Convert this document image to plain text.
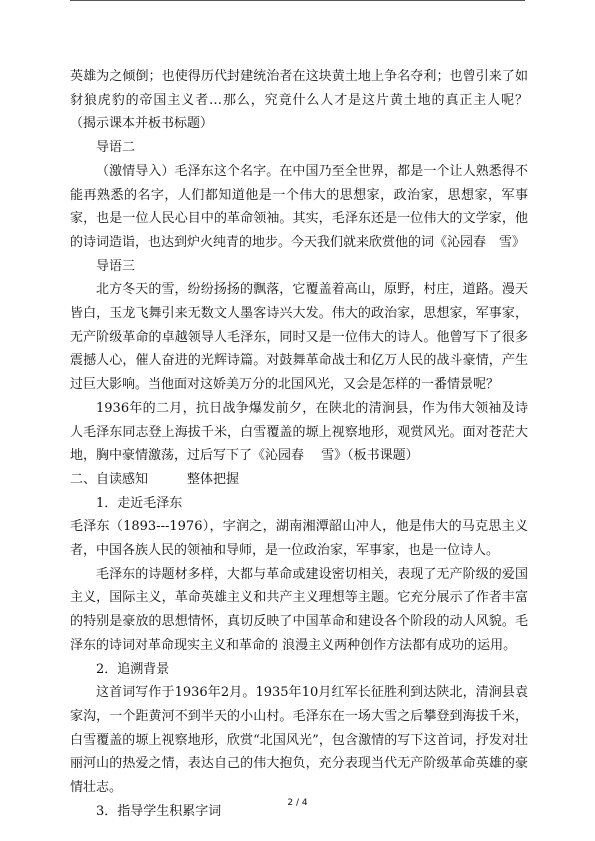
英雄为之倾倒；也使得历代封建统治者在这块黄土地上争名夺利；也曾引来了如豺狼虎豹的帝国主义者…那么，究竟什么人才是这片黄土地的真正主人呢？　　（揭示课本并板书标题）

导语二

（激情导入）毛泽东这个名字。在中国乃至全世界，都是一个让人熟悉得不能再熟悉的名字，人们都知道他是一个伟大的思想家，政治家，思想家，军事家，也是一位人民心目中的革命领袖。其实，毛泽东还是一位伟大的文学家，他的诗词造诣，也达到炉火纯青的地步。今天我们就来欣赏他的词《沁园春　雪》

导语三

北方冬天的雪，纷纷扬扬的飘落，它覆盖着高山，原野，村庄，道路。漫天皆白，玉龙飞舞引来无数文人墨客诗兴大发。伟大的政治家，思想家，军事家，无产阶级革命的卓越领导人毛泽东，同时又是一位伟大的诗人。他曾写下了很多震撼人心，催人奋进的光辉诗篇。对鼓舞革命战士和亿万人民的战斗豪情，产生过巨大影响。当他面对这娇美万分的北国风光，又会是怎样的一番情景呢？

1936年的二月，抗日战争爆发前夕，在陕北的清涧县，作为伟大领袖及诗人毛泽东同志登上海拔千米，白雪覆盖的塬上视察地形，观赏风光。面对苍茫大地，胸中豪情激荡，过后写下了《沁园春　 雪》（板书课题）

二、自读感知　　　整体把握

1．走近毛泽东

毛泽东（1893---1976），字润之，湖南湘潭韶山冲人，他是伟大的马克思主义者，中国各族人民的领袖和导师，是一位政治家，军事家，也是一位诗人。

毛泽东的诗题材多样，大都与革命或建设密切相关，表现了无产阶级的爱国主义，国际主义，革命英雄主义和共产主义理想等主题。它充分展示了作者丰富的特别是豪放的思想情怀，真切反映了中国革命和建设各个阶段的动人风貌。毛泽东的诗词对革命现实主义和革命的 浪漫主义两种创作方法都有成功的运用。

2．追溯背景

这首词写作于1936年2月。1935年10月红军长征胜利到达陕北，清涧县袁家沟，一个距黄河不到半天的小山村。毛泽东在一场大雪之后攀登到海拔千米，白雪覆盖的塬上视察地形，欣赏“北国风光”，包含激情的写下这首词，抒发对壮丽河山的热爱之情，表达自己的伟大抱负，充分表现当代无产阶级革命英雄的豪情壮志。

3．指导学生积累字词

2 / 4
